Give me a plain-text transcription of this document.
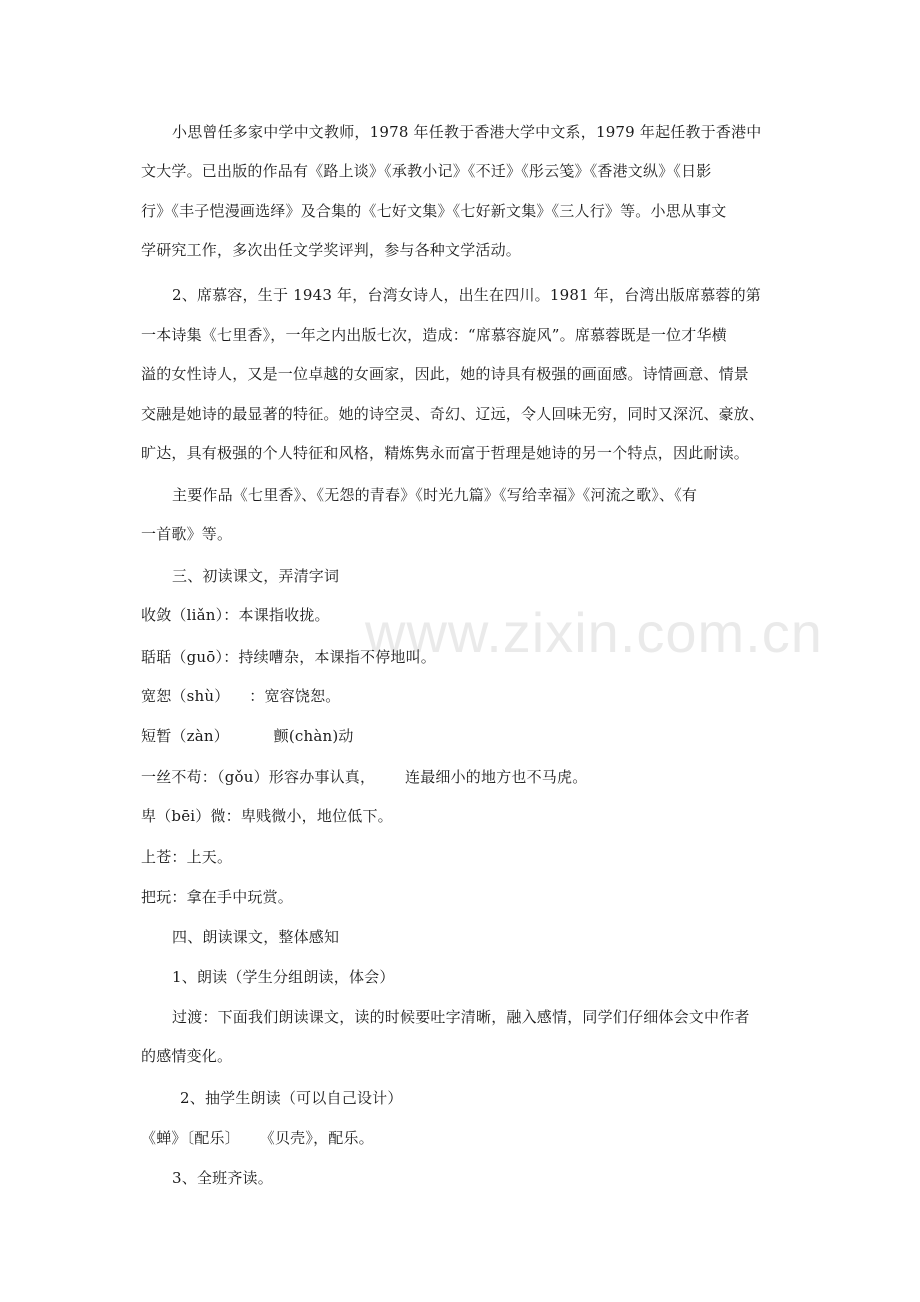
www.zixin.com.cn
小思曾任多家中学中文教师，1978 年任教于香港大学中文系，1979 年起任教于香港中
文大学。已出版的作品有《路上谈》《承教小记》《不迁》《彤云笺》《香港文纵》《日影
行》《丰子恺漫画选绎》及合集的《七好文集》《七好新文集》《三人行》等。小思从事文
学研究工作，多次出任文学奖评判，参与各种文学活动。
2、席慕容，生于 1943 年，台湾女诗人，出生在四川。1981 年，台湾出版席慕蓉的第
一本诗集《七里香》，一年之内出版七次，造成：“席慕容旋风”。席慕蓉既是一位才华横
溢的女性诗人，又是一位卓越的女画家，因此，她的诗具有极强的画面感。诗情画意、情景
交融是她诗的最显著的特征。她的诗空灵、奇幻、辽远，令人回味无穷，同时又深沉、豪放、
旷达，具有极强的个人特征和风格，精炼隽永而富于哲理是她诗的另一个特点，因此耐读。
主要作品《七里香》、《无怨的青春》《时光九篇》《写给幸福》《河流之歌》、《有
一首歌》等。
三、初读课文，弄清字词
收敛（liǎn）：本课指收拢。
聒聒（guō）：持续嘈杂，本课指不停地叫。
宽恕（shù）    ：宽容饶恕。
短暂（zàn）         颤(chàn)动
一丝不苟：（gǒu）形容办事认真，      连最细小的地方也不马虎。
卑（bēi）微：卑贱微小，地位低下。
上苍：上天。
把玩：拿在手中玩赏。
四、朗读课文，整体感知
1、朗读（学生分组朗读，体会）
过渡：下面我们朗读课文，读的时候要吐字清晰，融入感情，同学们仔细体会文中作者
的感情变化。
2、抽学生朗读（可以自己设计）
《蝉》〔配乐〕    《贝壳》，配乐。
3、全班齐读。
